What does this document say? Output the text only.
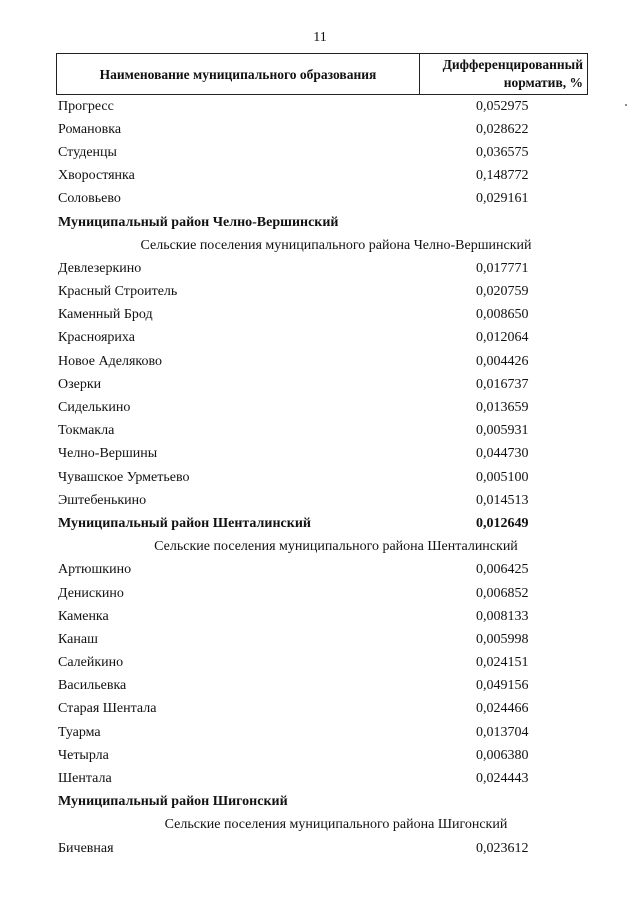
11
Наименование муниципального образования
Дифференцированный
норматив, %
Прогресс	0,052975
Романовка	0,028622
Студенцы	0,036575
Хворостянка	0,148772
Соловьево	0,029161
Муниципальный район Челно-Вершинский
Сельские поселения муниципального района Челно-Вершинский
Девлезеркино	0,017771
Красный Строитель	0,020759
Каменный Брод	0,008650
Краснояриха	0,012064
Новое Аделяково	0,004426
Озерки	0,016737
Сиделькино	0,013659
Токмакла	0,005931
Челно-Вершины	0,044730
Чувашское Урметьево	0,005100
Эштебенькино	0,014513
Муниципальный район Шенталинский	0,012649
Сельские поселения муниципального района Шенталинский
Артюшкино	0,006425
Денискино	0,006852
Каменка	0,008133
Канаш	0,005998
Салейкино	0,024151
Васильевка	0,049156
Старая Шентала	0,024466
Туарма	0,013704
Четырла	0,006380
Шентала	0,024443
Муниципальный район Шигонский
Сельские поселения муниципального района Шигонский
Бичевная	0,023612
